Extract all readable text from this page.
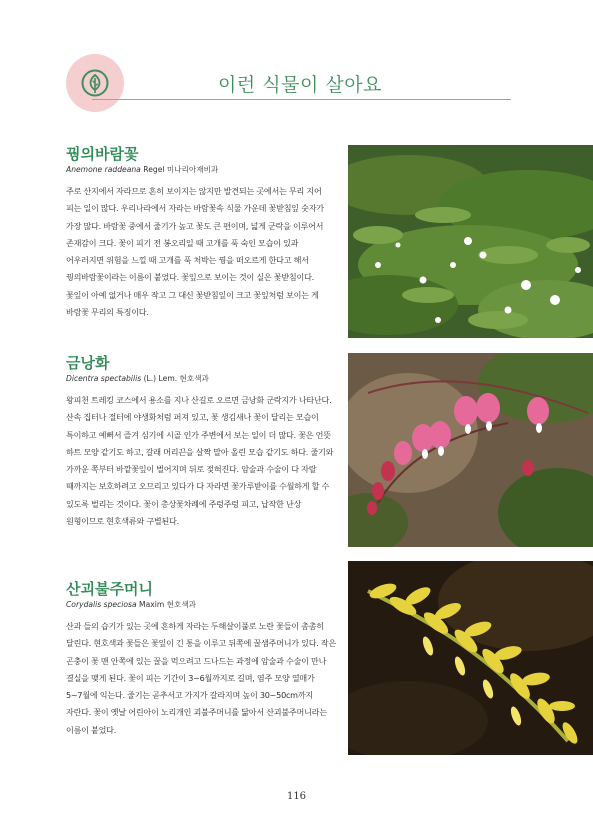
이런 식물이 살아요
꿩의바람꽃
Anemone raddeana Regel 미나리아재비과
주로 산지에서 자라므로 흔히 보이지는 않지만 발견되는 곳에서는 무리 지어 피는 일이 많다. 우리나라에서 자라는 바람꽃속 식물 가운데 꽃받침잎 숫자가 가장 많다. 바람꽃 중에서 줄기가 높고 꽃도 큰 편이며, 넓게 군락을 이루어서 존재감이 크다. 꽃이 피기 전 봉오리일 때 고개를 푹 숙인 모습이 있과 어우러지면 위험을 느낄 때 고개를 푹 처박는 꿩을 떠오르게 한다고 해서 꿩의바람꽃이라는 이름이 붙었다. 꽃잎으로 보이는 것이 실은 꽃받침이다. 꽃잎이 아예 없거나 매우 작고 그 대신 꽃받침잎이 크고 꽃잎처럼 보이는 게 바람꽃 무리의 특징이다.
금낭화
Dicentra spectabilis (L.) Lem. 현호색과
왕피천 트레킹 코스에서 용소를 지나 산길로 오르면 금낭화 군락지가 나타난다. 산속 집터나 절터에 야생화처럼 퍼져 있고, 꽃 생김새나 꽃이 달리는 모습이 특이하고 예뻐서 즐겨 심기에 시골 인가 주변에서 보는 일이 더 많다. 꽃은 언뜻 하트 모양 같기도 하고, 갈래 머리끈을 살짝 말아 올린 모습 같기도 하다. 줄기와 가까운 쪽부터 바깥꽃잎이 벌어지며 뒤로 젖혀진다. 암술과 수술이 다 자랄 때까지는 보호하려고 오므리고 있다가 다 자라면 꽃가루받이를 수월하게 할 수 있도록 벌리는 것이다. 꽃이 총상꽃차례에 주렁주렁 피고, 납작한 난상 원형이므로 현호색류와 구별된다.
산괴불주머니
Corydalis speciosa Maxim 현호색과
산과 들의 습기가 있는 곳에 흔하게 자라는 두해살이풀로 노란 꽃들이 촘촘히 달린다. 현호색과 꽃들은 꽃잎이 긴 통을 이루고 뒤쪽에 꿀샘주머니가 있다. 작은 곤충이 꽃 맨 안쪽에 있는 꿀을 먹으려고 드나드는 과정에 암술과 수술이 만나 결실을 맺게 된다. 꽃이 피는 기간이 3~6월까지로 길며, 염주 모양 열매가 5~7월에 익는다. 줄기는 곧추서고 가지가 갈라지며 높이 30~50cm까지 자란다. 꽃이 옛날 어린아이 노리개인 괴불주머니를 닮아서 산괴불주머니라는 이름이 붙었다.
116
